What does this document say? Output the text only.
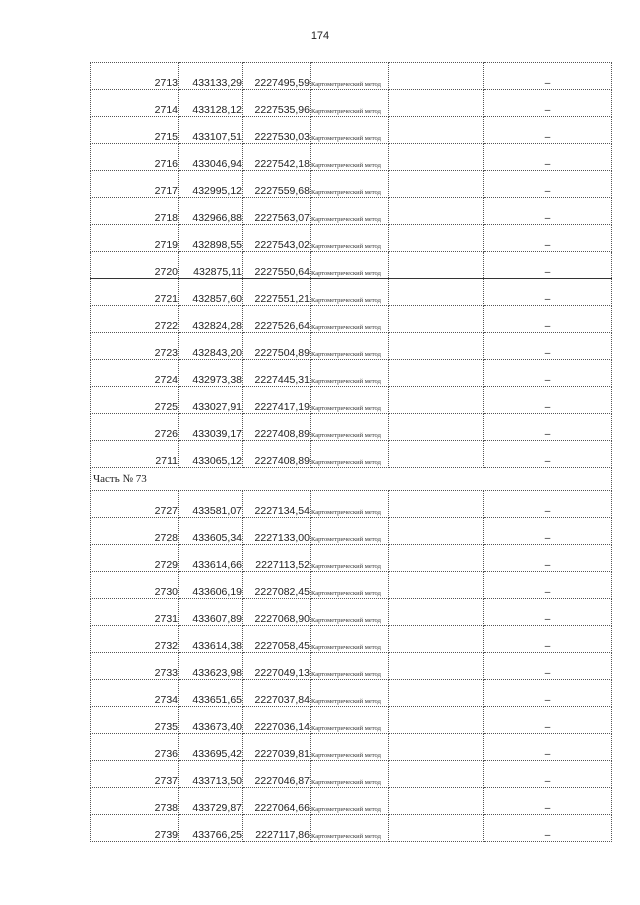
174
2713	433133,29	2227495,59	Картометрический метод		–
2714	433128,12	2227535,96	Картометрический метод		–
2715	433107,51	2227530,03	Картометрический метод		–
2716	433046,94	2227542,18	Картометрический метод		–
2717	432995,12	2227559,68	Картометрический метод		–
2718	432966,88	2227563,07	Картометрический метод		–
2719	432898,55	2227543,02	Картометрический метод		–
2720	432875,11	2227550,64	Картометрический метод		–
2721	432857,60	2227551,21	Картометрический метод		–
2722	432824,28	2227526,64	Картометрический метод		–
2723	432843,20	2227504,89	Картометрический метод		–
2724	432973,38	2227445,31	Картометрический метод		–
2725	433027,91	2227417,19	Картометрический метод		–
2726	433039,17	2227408,89	Картометрический метод		–
2711	433065,12	2227408,89	Картометрический метод		–
Часть № 73					
2727	433581,07	2227134,54	Картометрический метод		–
2728	433605,34	2227133,00	Картометрический метод		–
2729	433614,66	2227113,52	Картометрический метод		–
2730	433606,19	2227082,45	Картометрический метод		–
2731	433607,89	2227068,90	Картометрический метод		–
2732	433614,38	2227058,45	Картометрический метод		–
2733	433623,98	2227049,13	Картометрический метод		–
2734	433651,65	2227037,84	Картометрический метод		–
2735	433673,40	2227036,14	Картометрический метод		–
2736	433695,42	2227039,81	Картометрический метод		–
2737	433713,50	2227046,87	Картометрический метод		–
2738	433729,87	2227064,66	Картометрический метод		–
2739	433766,25	2227117,86	Картометрический метод		–
